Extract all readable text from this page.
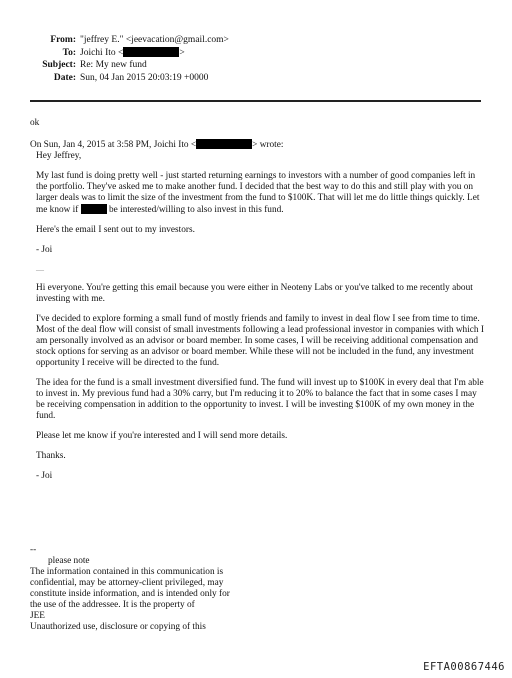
From: "jeffrey E." <jeevacation@gmail.com>
To: Joichi Ito <	>
Subject: Re: My new fund
Date: Sun, 04 Jan 2015 20:03:19 +0000

ok

On Sun, Jan 4, 2015 at 3:58 PM, Joichi Ito <	> wrote:

Hey Jeffrey,

My last fund is doing pretty well - just started returning earnings to investors with a number of good companies left in the portfolio. They've asked me to make another fund. I decided that the best way to do this and still play with you on larger deals was to limit the size of the investment from the fund to $100K. That will let me do little things quickly. Let me know if	be interested/willing to also invest in this fund.

Here's the email I sent out to my investors.

- Joi

—

Hi everyone. You're getting this email because you were either in Neoteny Labs or you've talked to me recently about investing with me.

I've decided to explore forming a small fund of mostly friends and family to invest in deal flow I see from time to time. Most of the deal flow will consist of small investments following a lead professional investor in companies with which I am personally involved as an advisor or board member. In some cases, I will be receiving additional compensation and stock options for serving as an advisor or board member. While these will not be included in the fund, any investment opportunity I receive will be directed to the fund.

The idea for the fund is a small investment diversified fund. The fund will invest up to $100K in every deal that I'm able to invest in. My previous fund had a 30% carry, but I'm reducing it to 20% to balance the fact that in some cases I may be receiving compensation in addition to the opportunity to invest. I will be investing $100K of my own money in the fund.

Please let me know if you're interested and I will send more details.

Thanks.

- Joi

--

please note

The information contained in this communication is

confidential, may be attorney-client privileged, may

constitute inside information, and is intended only for

the use of the addressee. It is the property of

JEE

Unauthorized use, disclosure or copying of this

EFTA00867446
